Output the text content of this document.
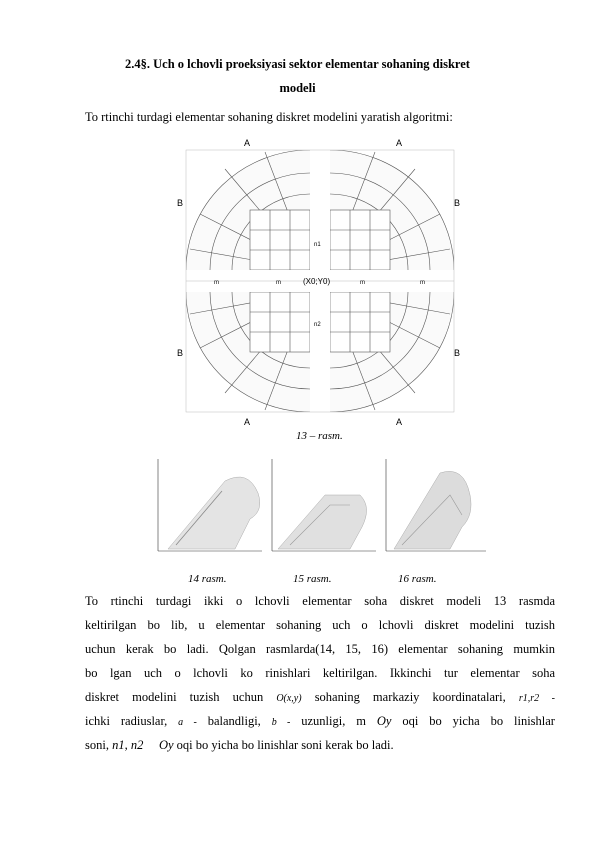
2.4§. Uch o lchovli proeksiyasi sektor elementar sohaning diskret
modeli
To rtinchi turdagi elementar sohaning diskret modelini yaratish algoritmi:
A	A
A	A
B	B
B	B
(X0;Y0)
m	m
m	m
n1
n2
13 – rasm.
14 rasm.	15 rasm.	16 rasm.
To rtinchi turdagi ikki o lchovli elementar soha diskret modeli 13 rasmda
keltirilgan bo lib, u elementar sohaning uch o lchovli diskret modelini tuzish
uchun kerak bo ladi. Qolgan rasmlarda(14, 15, 16) elementar sohaning mumkin
bo lgan uch o lchovli ko rinishlari keltirilgan. Ikkinchi tur elementar soha
diskret modelini tuzish uchun O(x,y) sohaning markaziy koordinatalari, r1,r2 -
ichki radiuslar, a - balandligi, b - uzunligi, m Oy oqi bo yicha bo linishlar
soni, n1, n2 Oy oqi bo yicha bo linishlar soni kerak bo ladi.
